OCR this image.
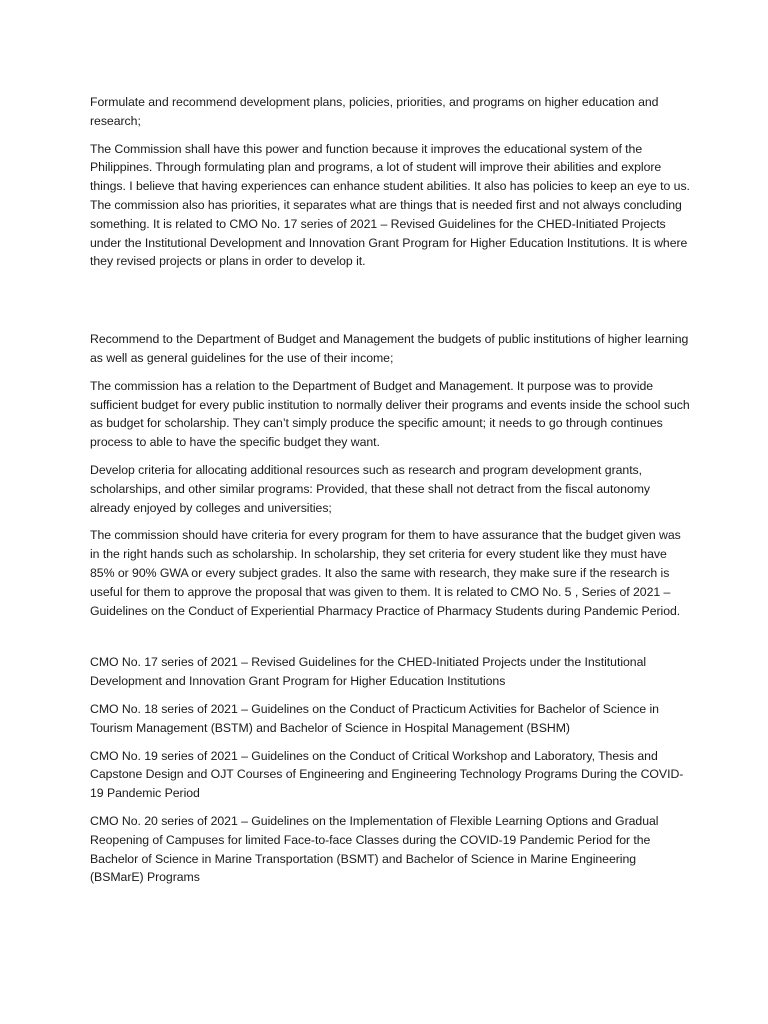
Formulate and recommend development plans, policies, priorities, and programs on higher education and research;

The Commission shall have this power and function because it improves the educational system of the Philippines. Through formulating plan and programs, a lot of student will improve their abilities and explore things. I believe that having experiences can enhance student abilities. It also has policies to keep an eye to us. The commission also has priorities, it separates what are things that is needed first and not always concluding something. It is related to CMO No. 17 series of 2021 – Revised Guidelines for the CHED-Initiated Projects under the Institutional Development and Innovation Grant Program for Higher Education Institutions. It is where they revised projects or plans in order to develop it.

Recommend to the Department of Budget and Management the budgets of public institutions of higher learning as well as general guidelines for the use of their income;

The commission has a relation to the Department of Budget and Management. It purpose was to provide sufficient budget for every public institution to normally deliver their programs and events inside the school such as budget for scholarship. They can’t simply produce the specific amount; it needs to go through continues process to able to have the specific budget they want.

Develop criteria for allocating additional resources such as research and program development grants, scholarships, and other similar programs: Provided, that these shall not detract from the fiscal autonomy already enjoyed by colleges and universities;

The commission should have criteria for every program for them to have assurance that the budget given was in the right hands such as scholarship. In scholarship, they set criteria for every student like they must have 85% or 90% GWA or every subject grades. It also the same with research, they make sure if the research is useful for them to approve the proposal that was given to them. It is related to CMO No. 5 , Series of 2021 – Guidelines on the Conduct of Experiential Pharmacy Practice of Pharmacy Students during Pandemic Period.

CMO No. 17 series of 2021 – Revised Guidelines for the CHED-Initiated Projects under the Institutional Development and Innovation Grant Program for Higher Education Institutions

CMO No. 18 series of 2021 – Guidelines on the Conduct of Practicum Activities for Bachelor of Science in Tourism Management (BSTM) and Bachelor of Science in Hospital Management (BSHM)

CMO No. 19 series of 2021 – Guidelines on the Conduct of Critical Workshop and Laboratory, Thesis and Capstone Design and OJT Courses of Engineering and Engineering Technology Programs During the COVID-19 Pandemic Period

CMO No. 20 series of 2021 – Guidelines on the Implementation of Flexible Learning Options and Gradual Reopening of Campuses for limited Face-to-face Classes during the COVID-19 Pandemic Period for the Bachelor of Science in Marine Transportation (BSMT) and Bachelor of Science in Marine Engineering (BSMarE) Programs
